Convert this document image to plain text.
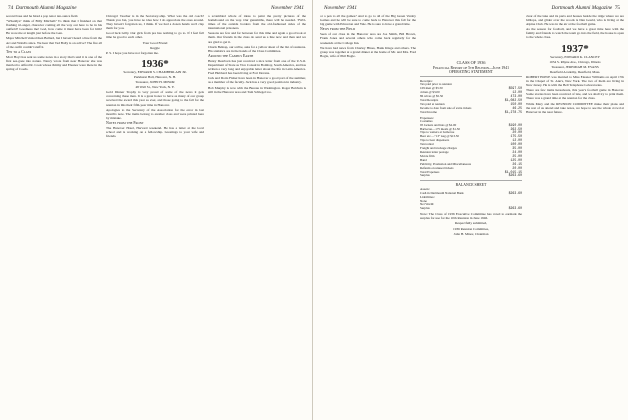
74 Dartmouth Alumni Magazine	November 1941

second base and he hired a pop tenor ten-ounce field.

"Whaddya" think of Billy Mitchell? To think that I finished on that flashing tri-angel, character coming all the way out here to be in his outfield? Goodness me! God, how come it must have been for him? He wore me at length just before the Gen.

Major Mitchell visited then Ballard, but I haven't heard a line from the Art and Walsh's since. We hear that Ted Bally is on active? The fire all of the outfit couldn't stuff it.

Ten to a Class

Mort Hoyt has sent us some notes in a story that's said it is one of the first sea-gaze into nature. Nancy wrote from near Hanover she was married to Alfred R. Cook whose Jimmy and Eleanor were there in the spring of Coeds.

Chicago! Teacher is in the Secretary-ship. What was the old coach? Thank you Jan, you have no idea how I do appreciate the ones around. They haven't forgotten us, I think. If we had a dozen hands we'd clap them for you.

Good luck Gilly. Our girls from pre has nothing to go to. If I feel full time be good to each other.

Your Good Friend

Reggie

P. S. I hope you have not forgotten me.

1936*

Secretary, EDWARD S. CHAMBERLAIN JR.

Parkhurst Hall, Hanover, N. H.

Treasurer, JOHN H. MINOR

48 Wall St., New York, N. Y.

Gold Dinner Trophy is very proud of some of the news it gets concerning these men. It is a great honor to have as many of our group received the award this year as ever, and those going to the fall for the reunion in this their fifth-year time in Hanover.

Apologies to the Secretary of the Association for the error in last month's note. The items belong to another class and were printed here by mistake.

Notes from the Front

The Hanover Hotel, Harvard weekend. He has a letter at the local school and is working on a fellowship. Greetings to your wife and friends.

a scrambled whole of ideas to paint the pretty pictures of the homebound on the way. Our gunsmiths, there will be needed. TWO-times of the outside borders from the old-fashioned sides of the international prisoners.

Seasons are few and far between for this time and again a good look at them. Our friends in the class do send us a line now and then and we are glad to get it.

Chuck Belnap, our scribe, asks for a yellow sheet of the list of reunions. His statistics are in the hands of the Class Committee.

Around the Campus Earth

Henry Dearborn has just received a nice letter from one of the U.S.O. Department of State as Vice Consul in Bombay, South America, and has written a very long and enjoyable letter about the life in Latin America. Fred Hubbard has been living at Fort Devens.

Jack and Doris Fisher have been in Hanover a good part of the summer, as a member of the faculty. Jack has a very good position in industry.

Bob Murphy is now with the Bureau in Washington. Roger Baldwin is still in the Hanover area and Tom Schlegel too.

November 1941	Dartmouth Alumni Magazine 75

or a pen to all the games? And to go to all of the Big Green Varsity Games and he will be sure to come back to Hanover this fall for the big game with Princeton and Yale. He is sure to have a grand time.

News from the Field

Seen of our class in the Hanover area are Joe Smith, Bill Brown, Frank Jones and several others who come back regularly for the weekends at the College Inn.

We have had news from Charley Hines, Hank Kluge and others. The group was together at a grand dinner at the home of Mr. and Mrs. Fred Bogle, wife of Phil Bogle.

CLASS OF 1936
Financial Report of 5th Reunion—June 1941
OPERATING STATEMENT
Receipts:
Tax paid prior to reunion
109 men @ $5.50	$597.50
4 men @ $3.00	12.00
86 wives @ $5.50	473.00
Total Receipts	$1,082.50
Tax paid at reunion	150.00
Income to date from sale of extra tickets	46.25
Total Income	$1,278.75
Expenses:
Costumes
95 Jackets and hats @ $2.00	$190.00
Barbecue—175 meals @ $1.50	262.50
Tips to waiters at barbecue	20.00
Beer etc.—"13" keg @ $13.50	175.50
Tips to beer dispensers	12.00
Tent rental	100.00
Freight and truckage charges	35.00
Reunion letter postage	24.00
Movie film	25.00
Band	125.00
Publicity, Promotion and Miscellaneous	26.15
Refunds on unused tickets	20.00
Total Expenses	$1,015.15
Surplus	$263.60
BALANCE SHEET
Assets:
Cash in Dartmouth National Bank	$263.60
Liabilities:
None
Net Worth:
Surplus	$263.60

Note: The Class of 1936 Executive Committee has voted to earmark the surplus for use for the 10th Reunion in June 1946.

Respectfully submitted,

1936 Reunion Committee,

John H. Minor, Chairman

clear of the lake and its parts and houses beside the ridge where we are hilltops, and glider over the woods is Dan Gould, who is living at the Alpine Club. He was in the air at the football game.

As the season for football, and we have a great time here with the family and friends to watch the team go into the field, the house is open to the whole class.

1937*

Secretary, EDWARD K. CLANCEY

1034 S. Rhyne Ave., Chicago, Illinois

Treasurer, JEREMIAH M. EVANS

Deerfield Academy, Deerfield, Mass.

ROBERT HOWE was married to Miss Eleanor Williams on April 17th in the Chapel of St. Ann's, New York. The two of them are living in New Jersey. He is with the Bell Telephone Laboratories.

There are few items hereabouts, this year's football game in Hanover. Some stories have been received of late, and we shall try to print them. There was a grand time at the reunion for the class.

While Mary and the REUNION COMMITTEE make their plans and the rest of us attend and take notes, we hope to see the whole crowd at Hanover in the near future.
